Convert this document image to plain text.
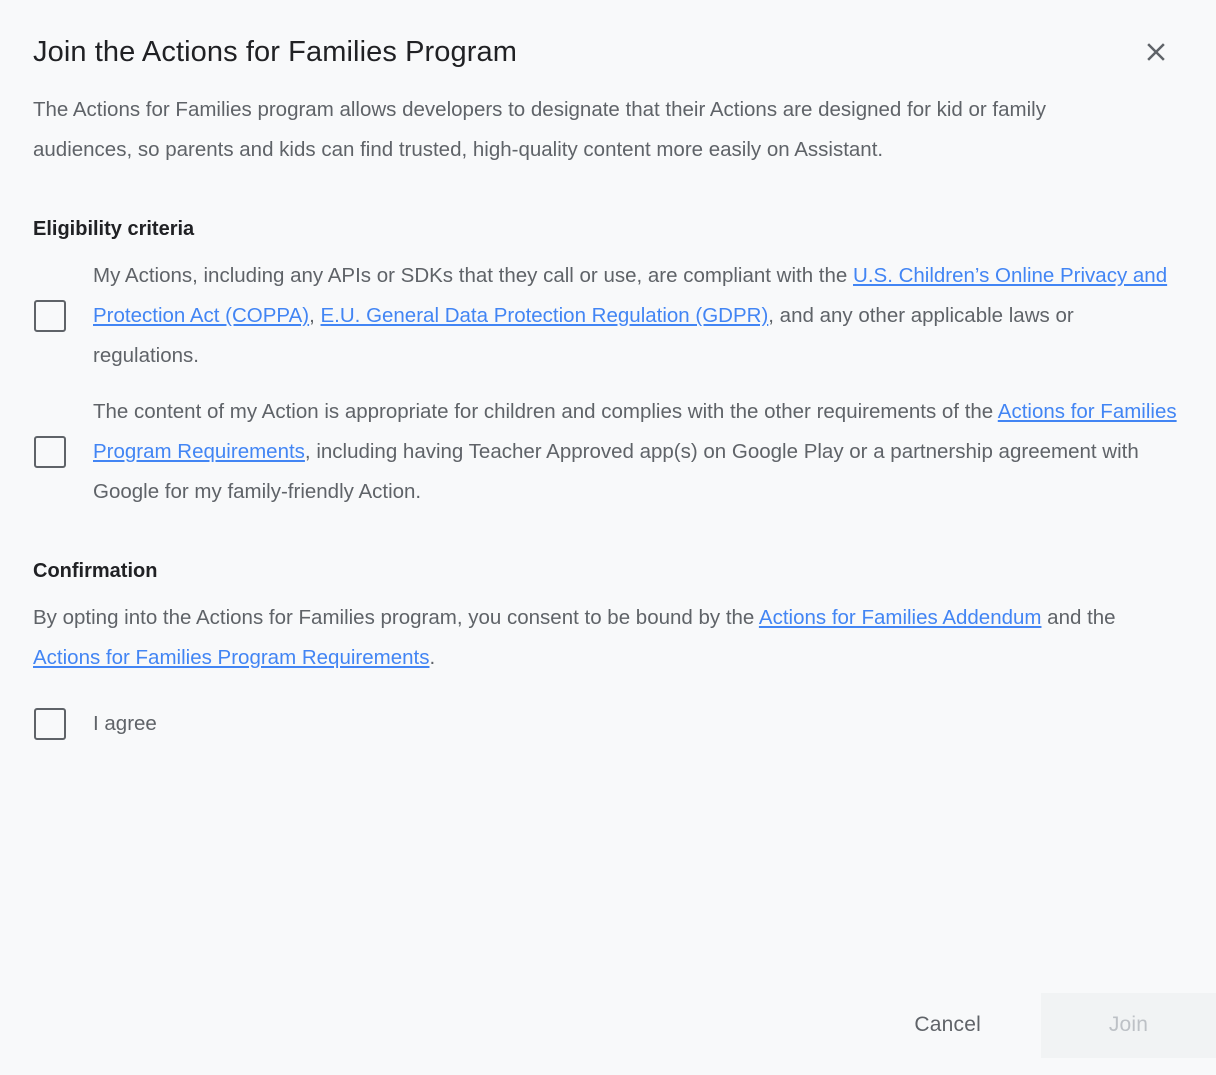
Join the Actions for Families Program
The Actions for Families program allows developers to designate that their Actions are designed for kid or family audiences, so parents and kids can find trusted, high-quality content more easily on Assistant.
Eligibility criteria
My Actions, including any APIs or SDKs that they call or use, are compliant with the U.S. Children’s Online Privacy and Protection Act (COPPA), E.U. General Data Protection Regulation (GDPR), and any other applicable laws or regulations.
The content of my Action is appropriate for children and complies with the other requirements of the Actions for Families Program Requirements, including having Teacher Approved app(s) on Google Play or a partnership agreement with Google for my family-friendly Action.
Confirmation
By opting into the Actions for Families program, you consent to be bound by the Actions for Families Addendum and the Actions for Families Program Requirements.
I agree
Cancel	Join
